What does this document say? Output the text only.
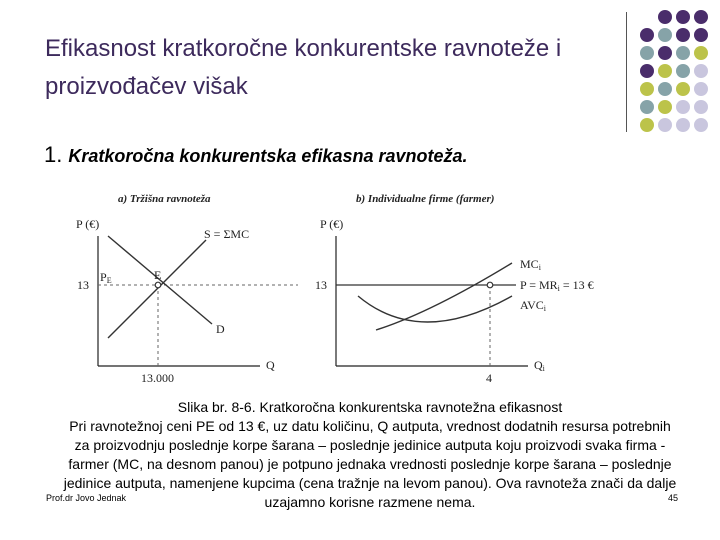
Efikasnost kratkoročne konkurentske ravnoteže i proizvođačev višak
1. Kratkoročna konkurentska efikasna ravnoteža.
a) Tržišna ravnoteža
P (€)
Q
E
PE
13
13.000
S = ΣMC
D
b) Individualne firme (farmer)
P (€)
Qi
13
4
MCi
P = MRi = 13 €
AVCi
Slika br. 8-6. Kratkoročna konkurentska ravnotežna efikasnost
Pri ravnotežnoj ceni PE od 13 €, uz datu količinu, Q autputa, vrednost dodatnih resursa potrebnih za proizvodnju poslednje korpe šarana – poslednje jedinice autputa koju proizvodi svaka firma - farmer (MC, na desnom panou) je potpuno jednaka vrednosti poslednje korpe šarana – poslednje jedinice autputa, namenjene kupcima (cena tražnje na levom panou). Ova ravnoteža znači da dalje uzajamno korisne razmene nema.
Prof.dr Jovo Jednak	45
